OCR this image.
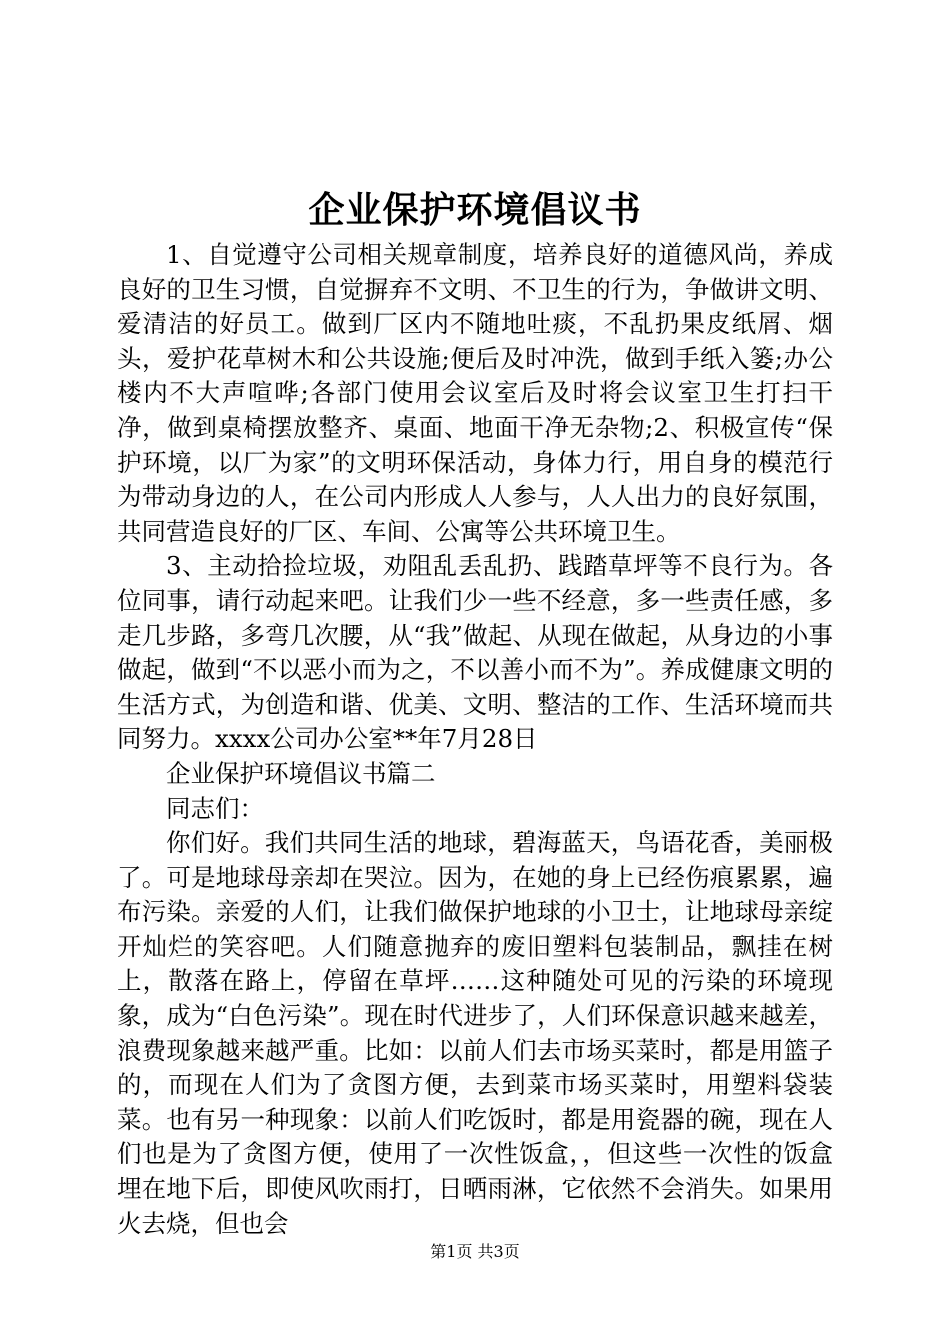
企业保护环境倡议书

1、自觉遵守公司相关规章制度，培养良好的道德风尚，养成良好的卫生习惯，自觉摒弃不文明、不卫生的行为，争做讲文明、爱清洁的好员工。做到厂区内不随地吐痰，不乱扔果皮纸屑、烟头，爱护花草树木和公共设施;便后及时冲洗，做到手纸入篓;办公楼内不大声喧哗;各部门使用会议室后及时将会议室卫生打扫干净，做到桌椅摆放整齐、桌面、地面干净无杂物;2、积极宣传“保护环境，以厂为家”的文明环保活动，身体力行，用自身的模范行为带动身边的人，在公司内形成人人参与，人人出力的良好氛围，共同营造良好的厂区、车间、公寓等公共环境卫生。

3、主动拾捡垃圾，劝阻乱丢乱扔、践踏草坪等不良行为。各位同事，请行动起来吧。让我们少一些不经意，多一些责任感，多走几步路，多弯几次腰，从“我”做起、从现在做起，从身边的小事做起，做到“不以恶小而为之，不以善小而不为”。养成健康文明的生活方式，为创造和谐、优美、文明、整洁的工作、生活环境而共同努力。xxxx公司办公室**年7月28日

企业保护环境倡议书篇二

同志们：

你们好。我们共同生活的地球，碧海蓝天，鸟语花香，美丽极了。可是地球母亲却在哭泣。因为，在她的身上已经伤痕累累，遍布污染。亲爱的人们，让我们做保护地球的小卫士，让地球母亲绽开灿烂的笑容吧。人们随意抛弃的废旧塑料包装制品，飘挂在树上，散落在路上，停留在草坪……这种随处可见的污染的环境现象，成为“白色污染”。现在时代进步了，人们环保意识越来越差，浪费现象越来越严重。比如：以前人们去市场买菜时，都是用篮子的，而现在人们为了贪图方便，去到菜市场买菜时，用塑料袋装菜。也有另一种现象：以前人们吃饭时，都是用瓷器的碗，现在人们也是为了贪图方便，使用了一次性饭盒，，但这些一次性的饭盒埋在地下后，即使风吹雨打，日晒雨淋，它依然不会消失。如果用火去烧，但也会

第1页 共3页
